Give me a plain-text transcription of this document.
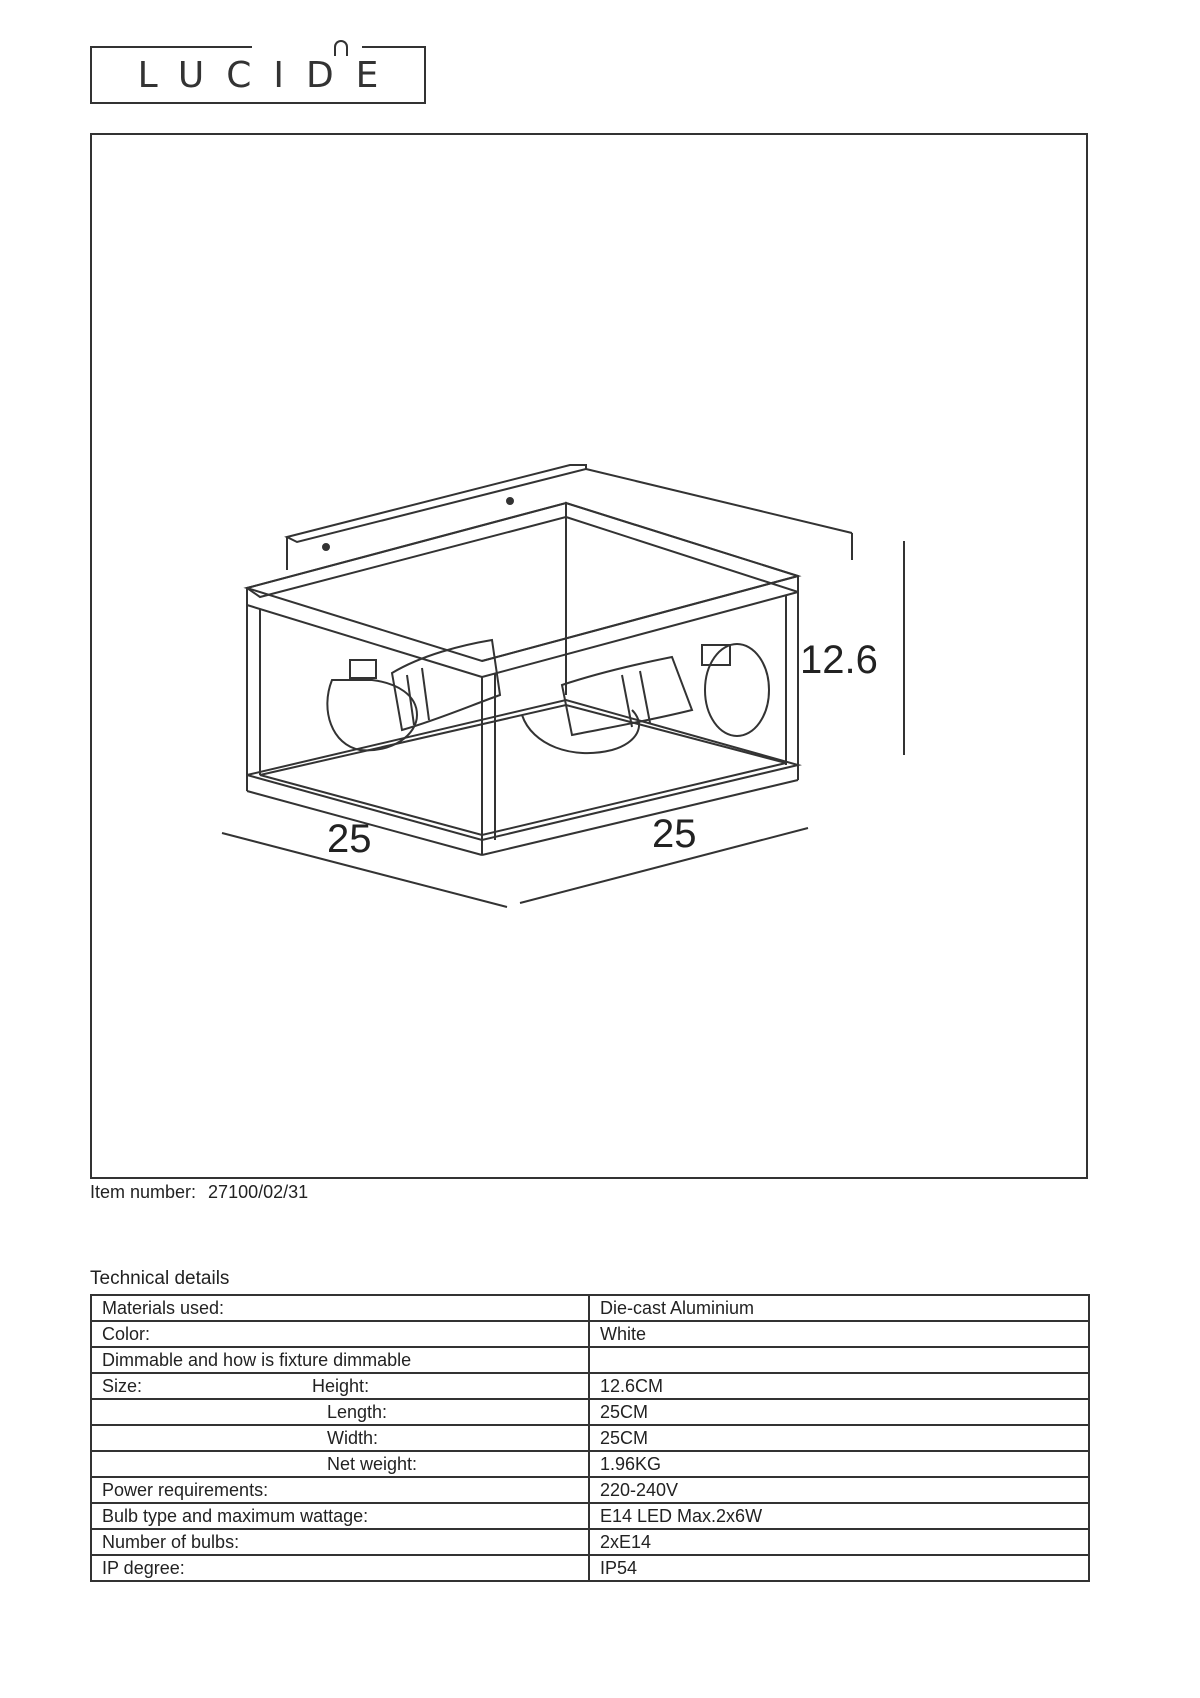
LUCIDE
12.6
25	25
Item number: 27100/02/31
Technical details
Materials used:	Die-cast Aluminium
Color:	White
Dimmable and how is fixture dimmable	
Size: Height:	12.6CM
Length:	25CM
Width:	25CM
Net weight:	1.96KG
Power requirements:	220-240V
Bulb type and maximum wattage:	E14 LED Max.2x6W
Number of bulbs:	2xE14
IP degree:	IP54
